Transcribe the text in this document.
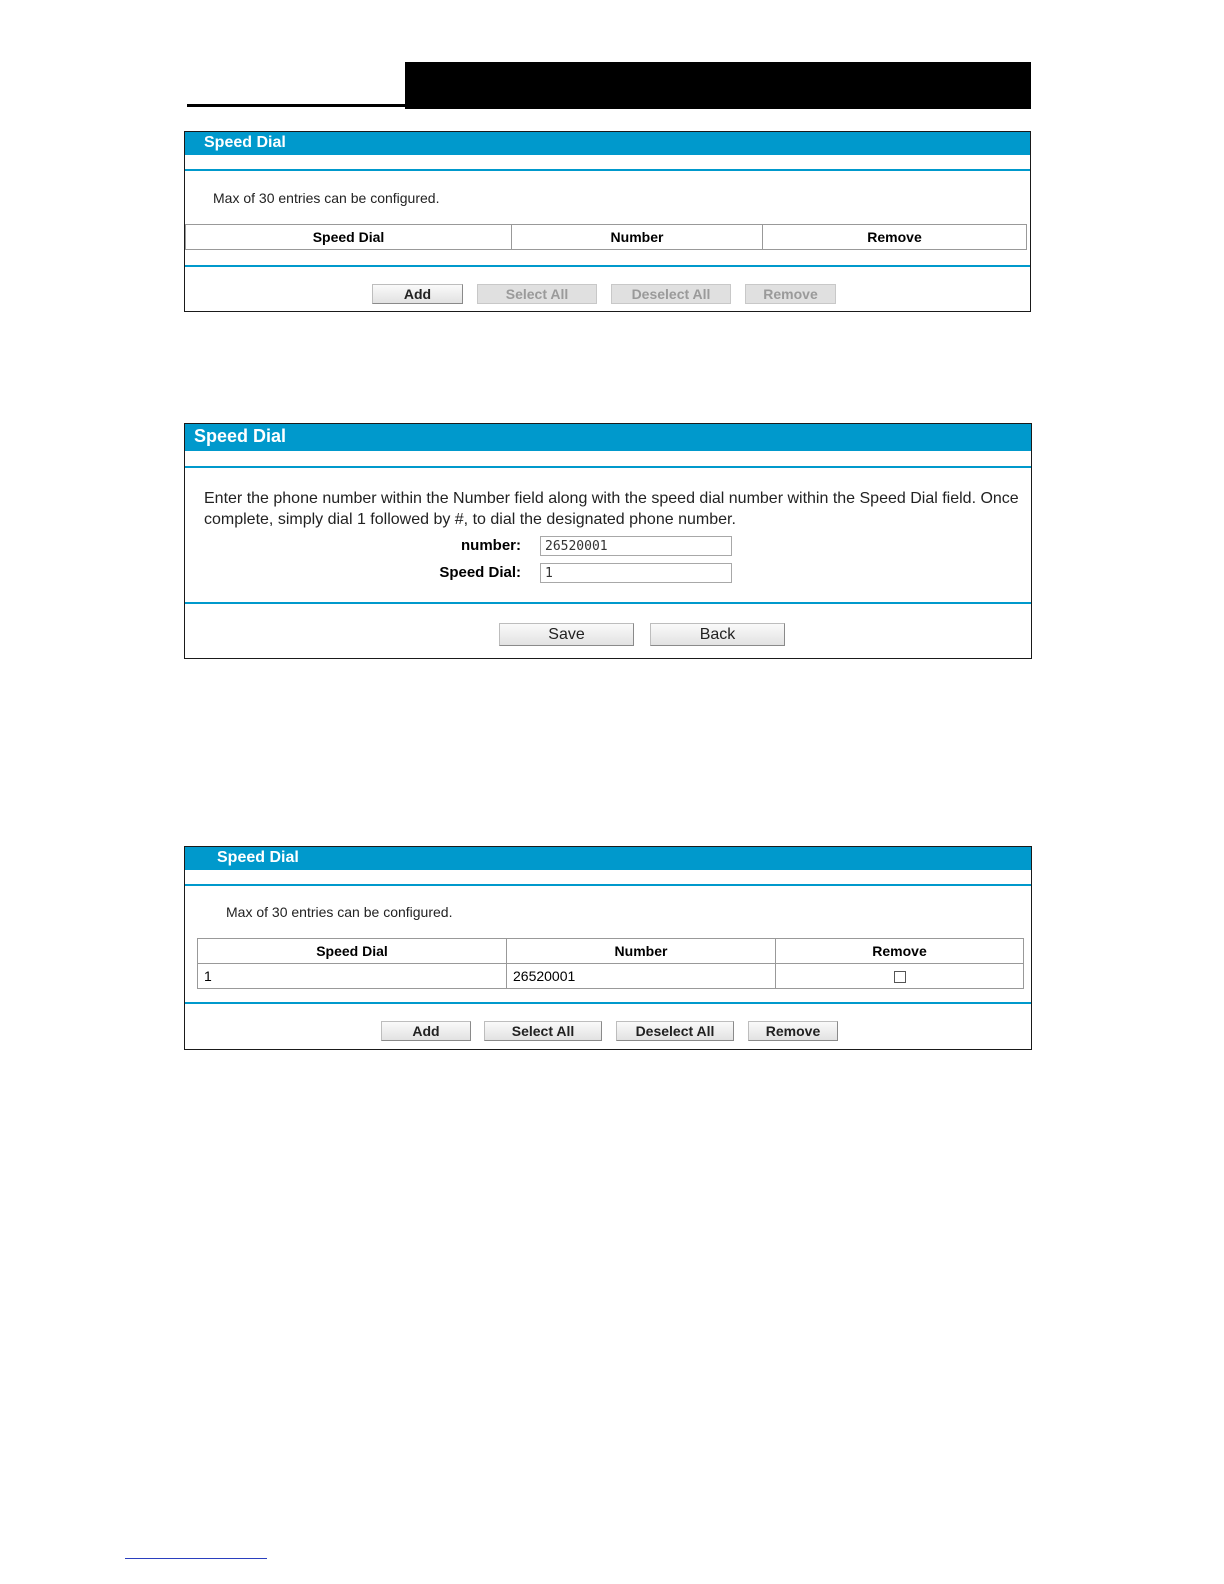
Speed Dial
Max of 30 entries can be configured.
Speed Dial	Number	Remove
Add	Select All	Deselect All	Remove
Speed Dial
Enter the phone number within the Number field along with the speed dial number within the Speed Dial field. Once
complete, simply dial 1 followed by #, to dial the designated phone number.
number:
26520001
Speed Dial:
1
Save	Back
Speed Dial
Max of 30 entries can be configured.
Speed Dial	Number	Remove
1	26520001	
Add	Select All	Deselect All	Remove
